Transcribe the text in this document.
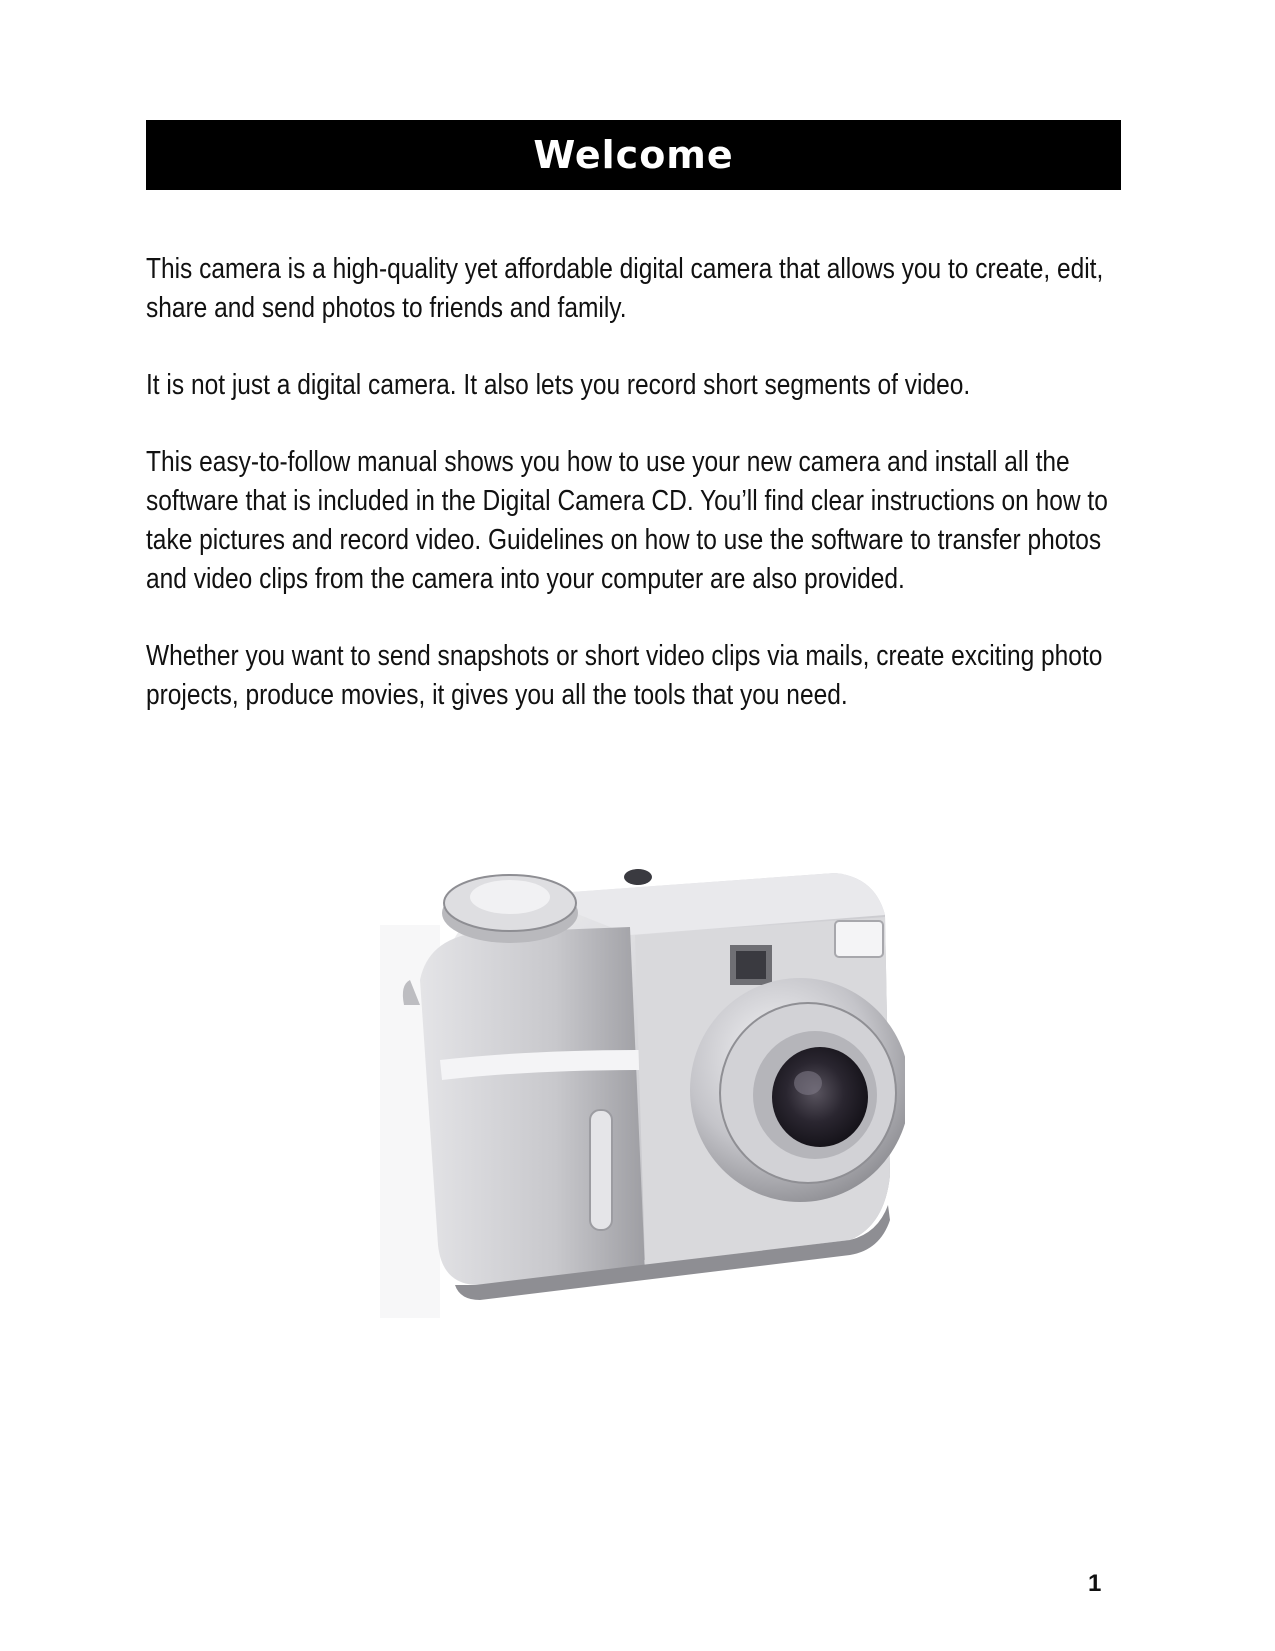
Welcome

This camera is a high-quality yet affordable digital camera that allows you to create, edit, share and send photos to friends and family.

It is not just a digital camera. It also lets you record short segments of video.

This easy-to-follow manual shows you how to use your new camera and install all the software that is included in the Digital Camera CD. You’ll find clear instructions on how to take pictures and record video. Guidelines on how to use the software to transfer photos and video clips from the camera into your computer are also provided.

Whether you want to send snapshots or short video clips via mails, create exciting photo projects, produce movies, it gives you all the tools that you need.

1
